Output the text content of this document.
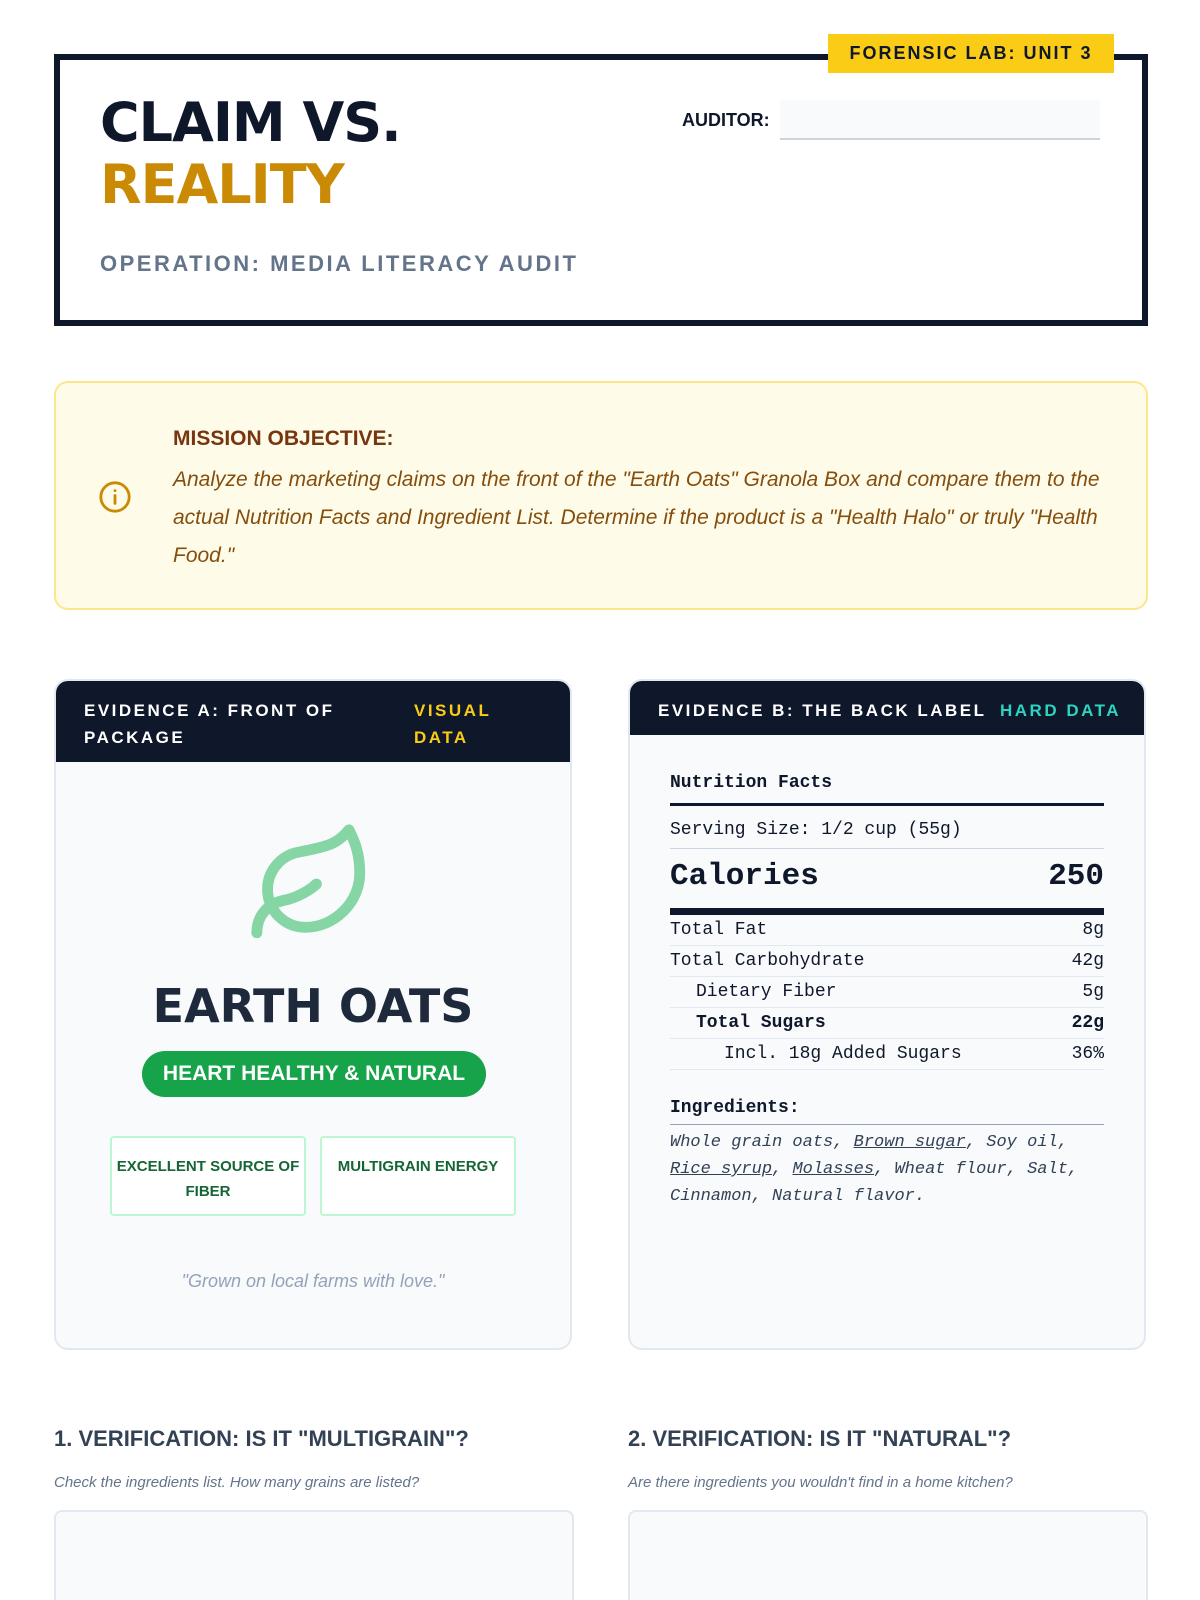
FORENSIC LAB: UNIT 3
CLAIM VS.
REALITY
OPERATION: MEDIA LITERACY AUDIT
AUDITOR:
MISSION OBJECTIVE:
Analyze the marketing claims on the front of the "Earth Oats" Granola Box and compare them to the actual Nutrition Facts and Ingredient List. Determine if the product is a "Health Halo" or truly "Health Food."
EVIDENCE A: FRONT OF PACKAGE
VISUAL DATA
EARTH OATS
HEART HEALTHY & NATURAL
EXCELLENT SOURCE OF FIBER
MULTIGRAIN ENERGY
"Grown on local farms with love."
EVIDENCE B: THE BACK LABEL HARD DATA
Nutrition Facts
Serving Size: 1/2 cup (55g)
Calories	250
Total Fat	8g
Total Carbohydrate	42g
Dietary Fiber	5g
Total Sugars	22g
Incl. 18g Added Sugars	36%
Ingredients:
Whole grain oats, Brown sugar, Soy oil, Rice syrup, Molasses, Wheat flour, Salt, Cinnamon, Natural flavor.
1. VERIFICATION: IS IT "MULTIGRAIN"?
Check the ingredients list. How many grains are listed?
2. VERIFICATION: IS IT "NATURAL"?
Are there ingredients you wouldn't find in a home kitchen?
